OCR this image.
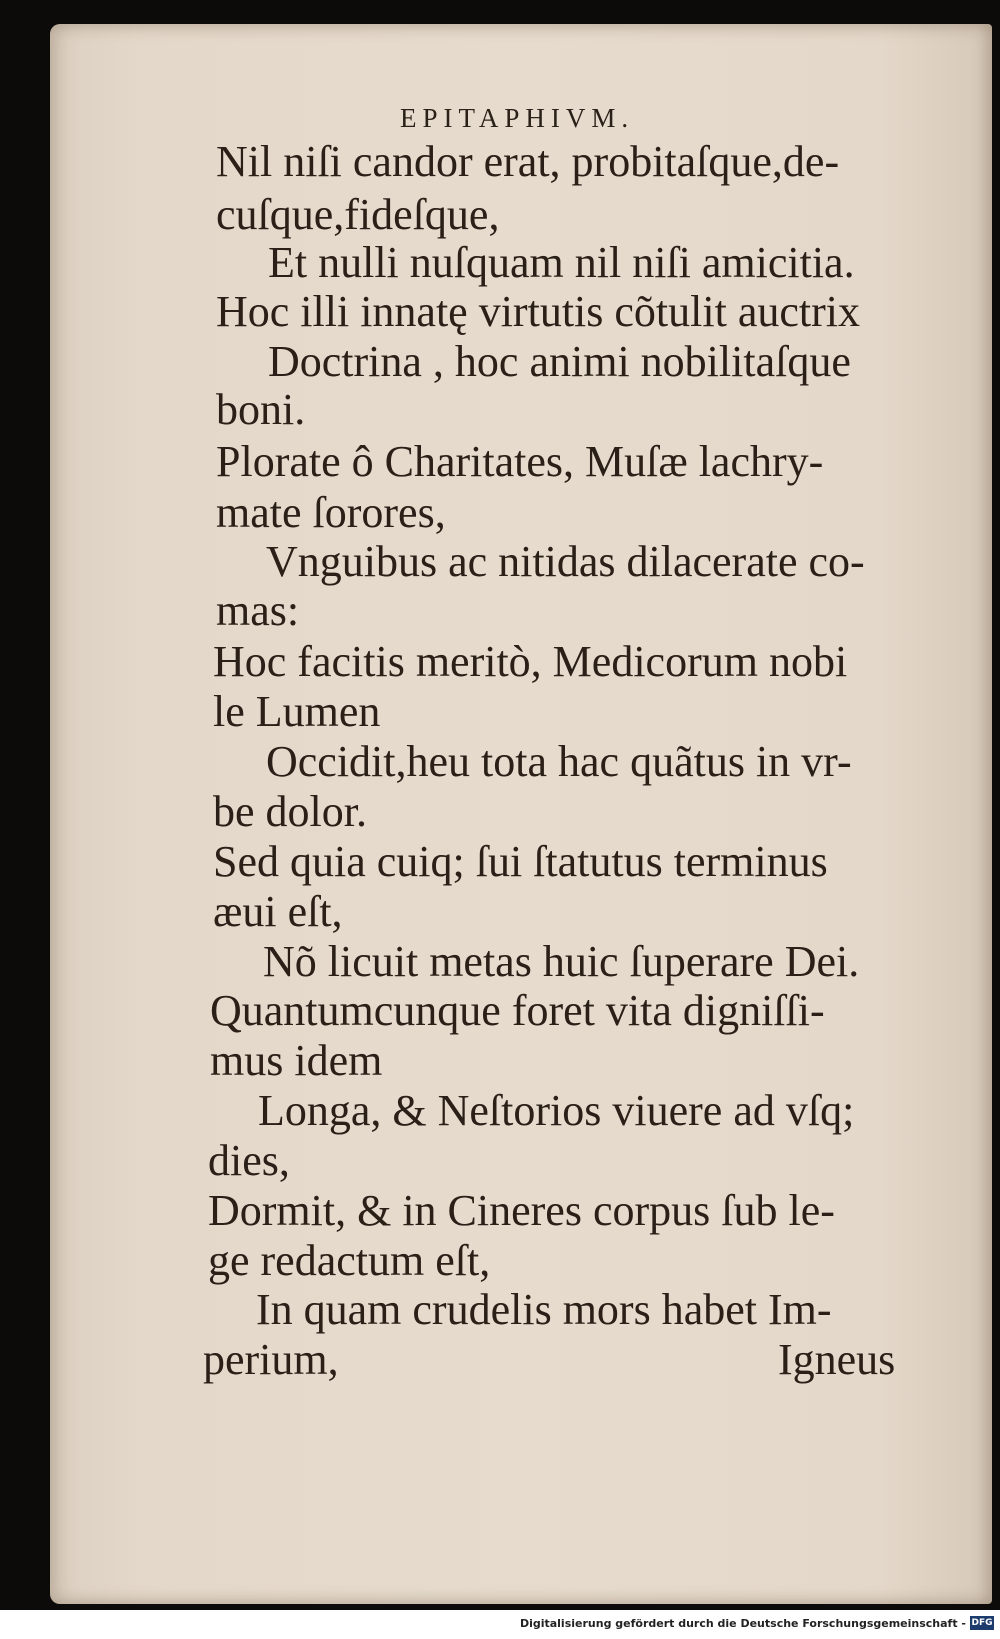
EPITAPHIVM.
Nil niſi candor erat, probitaſque,de-
cuſque,fideſque,
Et nulli nuſquam nil niſi amicitia.
Hoc illi innatę virtutis cõtulit auctrix
Doctrina , hoc animi nobilitaſque
boni.
Plorate ô Charitates, Muſæ lachry-
mate ſorores,
Vnguibus ac nitidas dilacerate co-
mas:
Hoc facitis meritò, Medicorum nobi
le Lumen
Occidit,heu tota hac quãtus in vr-
be dolor.
Sed quia cuiq; ſui ſtatutus terminus
æui eſt,
Nõ licuit metas huic ſuperare Dei.
Quantumcunque foret vita digniſſi-
mus idem
Longa, & Neſtorios viuere ad vſq;
dies,
Dormit, & in Cineres corpus ſub le-
ge redactum eſt,
In quam crudelis mors habet Im-
perium,	Igneus
Digitalisierung gefördert durch die Deutsche Forschungsgemeinschaft - DFG
